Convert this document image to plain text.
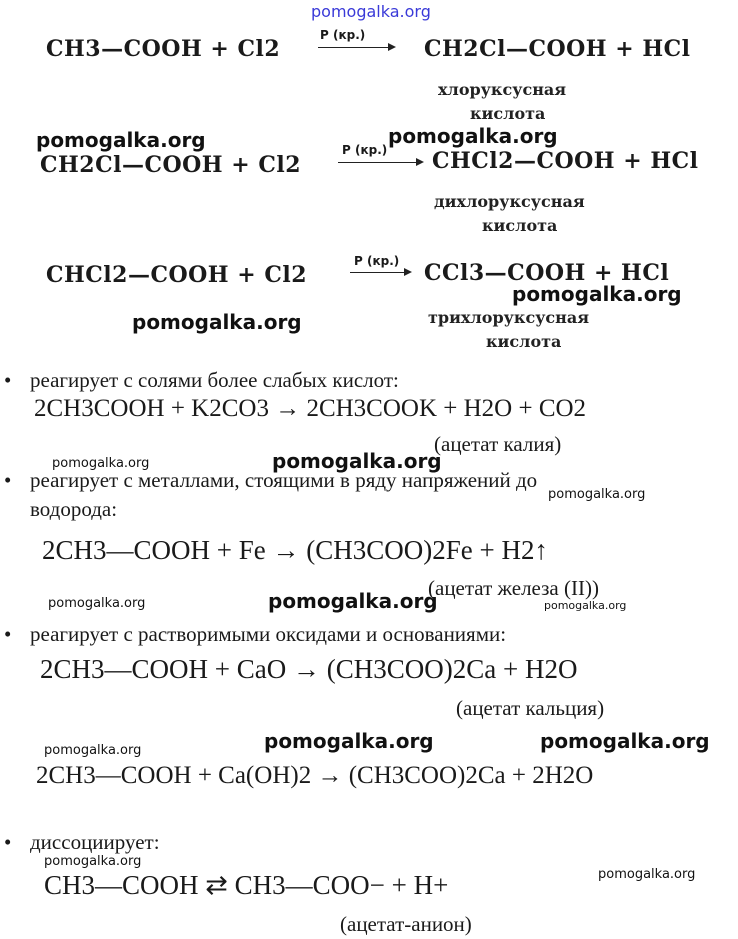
pomogalka.org
pomogalka.org	pomogalka.org
pomogalka.org
pomogalka.org
pomogalka.org	pomogalka.org
pomogalka.org
pomogalka.org	pomogalka.org	pomogalka.org
pomogalka.org	pomogalka.org	pomogalka.org
pomogalka.org
pomogalka.org
CH3—COOH + Cl2
P (кр.)
CH2Cl—COOH + HCl
хлоруксусная
кислота
CH2Cl—COOH + Cl2
P (кр.) CHCl2—COOH + HCl
дихлоруксусная
кислота
CHCl2—COOH + Cl2
P (кр.) → CCl3—COOH + HCl
трихлоруксусная
кислота
• реагирует с солями более слабых кислот:
2CH3COOH + K2CO3 → 2CH3COOK + H2O + CO2
(ацетат калия)
• реагирует с металлами, стоящими в ряду напряжений до
водорода:
2CH3—COOH + Fe → (CH3COO)2Fe + H2↑
(ацетат железа (II))
• реагирует с растворимыми оксидами и основаниями:
2CH3—COOH + CaO → (CH3COO)2Ca + H2O
(ацетат кальция)
2CH3—COOH + Ca(OH)2 → (CH3COO)2Ca + 2H2O
• диссоциирует:
CH3—COOH ⇄ CH3—COO− + H+
(ацетат-анион)
